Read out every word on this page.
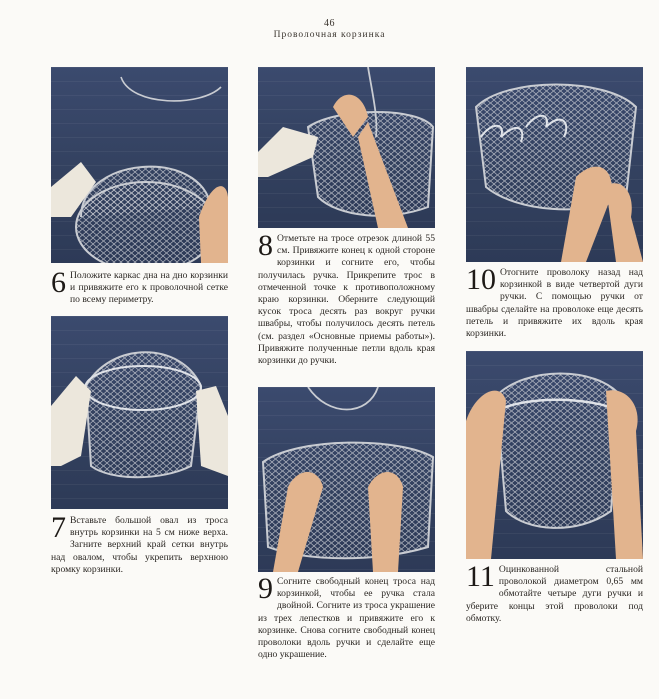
46
Проволочная корзинка
6 Положите каркас дна на дно корзинки и привяжите его к проволочной сетке по всему периметру.
7 Вставьте большой овал из троса внутрь корзинки на 5 см ниже верха. Загните верхний край сетки внутрь над овалом, чтобы укрепить верхнюю кромку корзинки.
8 Отметьте на тросе отрезок длиной 55 см. Привяжите конец к одной стороне корзинки и согните его, чтобы получилась ручка. Прикрепите трос в отмеченной точке к противоположному краю корзинки. Оберните следующий кусок троса десять раз вокруг ручки швабры, чтобы получилось десять петель (см. раздел «Основные приемы работы»). Привяжите полученные петли вдоль края корзинки до ручки.
9 Согните свободный конец троса над корзинкой, чтобы ее ручка стала двойной. Согните из троса украшение из трех лепестков и привяжите его к корзинке. Снова согните свободный конец проволоки вдоль ручки и сделайте еще одно украшение.
10 Отогните проволоку назад над корзинкой в виде четвертой дуги ручки. С помощью ручки от швабры сделайте на проволоке еще десять петель и привяжите их вдоль края корзинки.
11 Оцинкованной стальной проволокой диаметром 0,65 мм обмотайте четыре дуги ручки и уберите концы этой проволоки под обмотку.
